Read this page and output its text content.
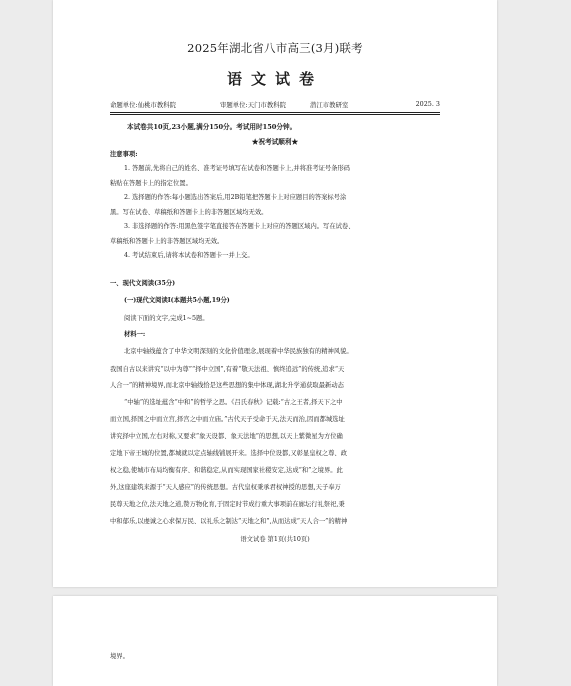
2025年湖北省八市高三(3月)联考
语文试卷
命题单位:仙桃市教科院	审题单位:天门市教科院	潜江市教研室	2025. 3
本试卷共10页,23小题,满分150分。考试用时150分钟。
★祝考试顺利★
注意事项:
1. 答题前,先将自己的姓名、准考证号填写在试卷和答题卡上,并将准考证号条形码
粘贴在答题卡上的指定位置。
2. 选择题的作答:每小题选出答案后,用2B铅笔把答题卡上对应题目的答案标号涂
黑。写在试卷、草稿纸和答题卡上的非答题区域均无效。
3. 非选择题的作答:用黑色签字笔直接答在答题卡上对应的答题区域内。写在试卷、
草稿纸和答题卡上的非答题区域均无效。
4. 考试结束后,请将本试卷和答题卡一并上交。
一、现代文阅读(35分)
(一)现代文阅读Ⅰ(本题共5小题,19分)
阅读下面的文字,完成1~5题。
材料一:
北京中轴线蕴含了中华文明深刻的文化价值理念,展现着中华民族独有的精神风貌。
我国自古以来讲究“以中为尊”“择中立国”,有着“敬天法祖、慎终追远”的传统,追求“天
人合一”的精神境界,而北京中轴线恰是这些思想的集中体现,湖北升学通获取最新动态
“中轴”的选址蕴含“中和”的哲学之思。《吕氏春秋》记载:“古之王者,择天下之中
而立国,择国之中而立宫,择宫之中而立庙。”古代天子受命于天,法天而治,因而都城选址
讲究择中立国,左右对称,又要求“象天设都、象天法地”的思想,以天上紫微星为方位确
定地下帝王城的位置,都城就以定点轴线铺展开来。选择中位设都,又彰显皇权之尊、政
权之稳,使城市布局均衡有序、和谐稳定,从而实现国家社稷安定,达成“和”之境界。此
外,这座建筑来源于“天人感应”的传统思想。古代皇权秉承君权神授的思想,天子奉万
民尊天地之位,法天地之道,赞万物化育,于固定时节成行重大事项前在廊坛行礼祭祀,秉
中和郁乐,以虔诚之心求保万民、以礼乐之制达“天地之和”,从而达成“天人合一”的精神
语文试卷 第1页(共10页)
境界。
